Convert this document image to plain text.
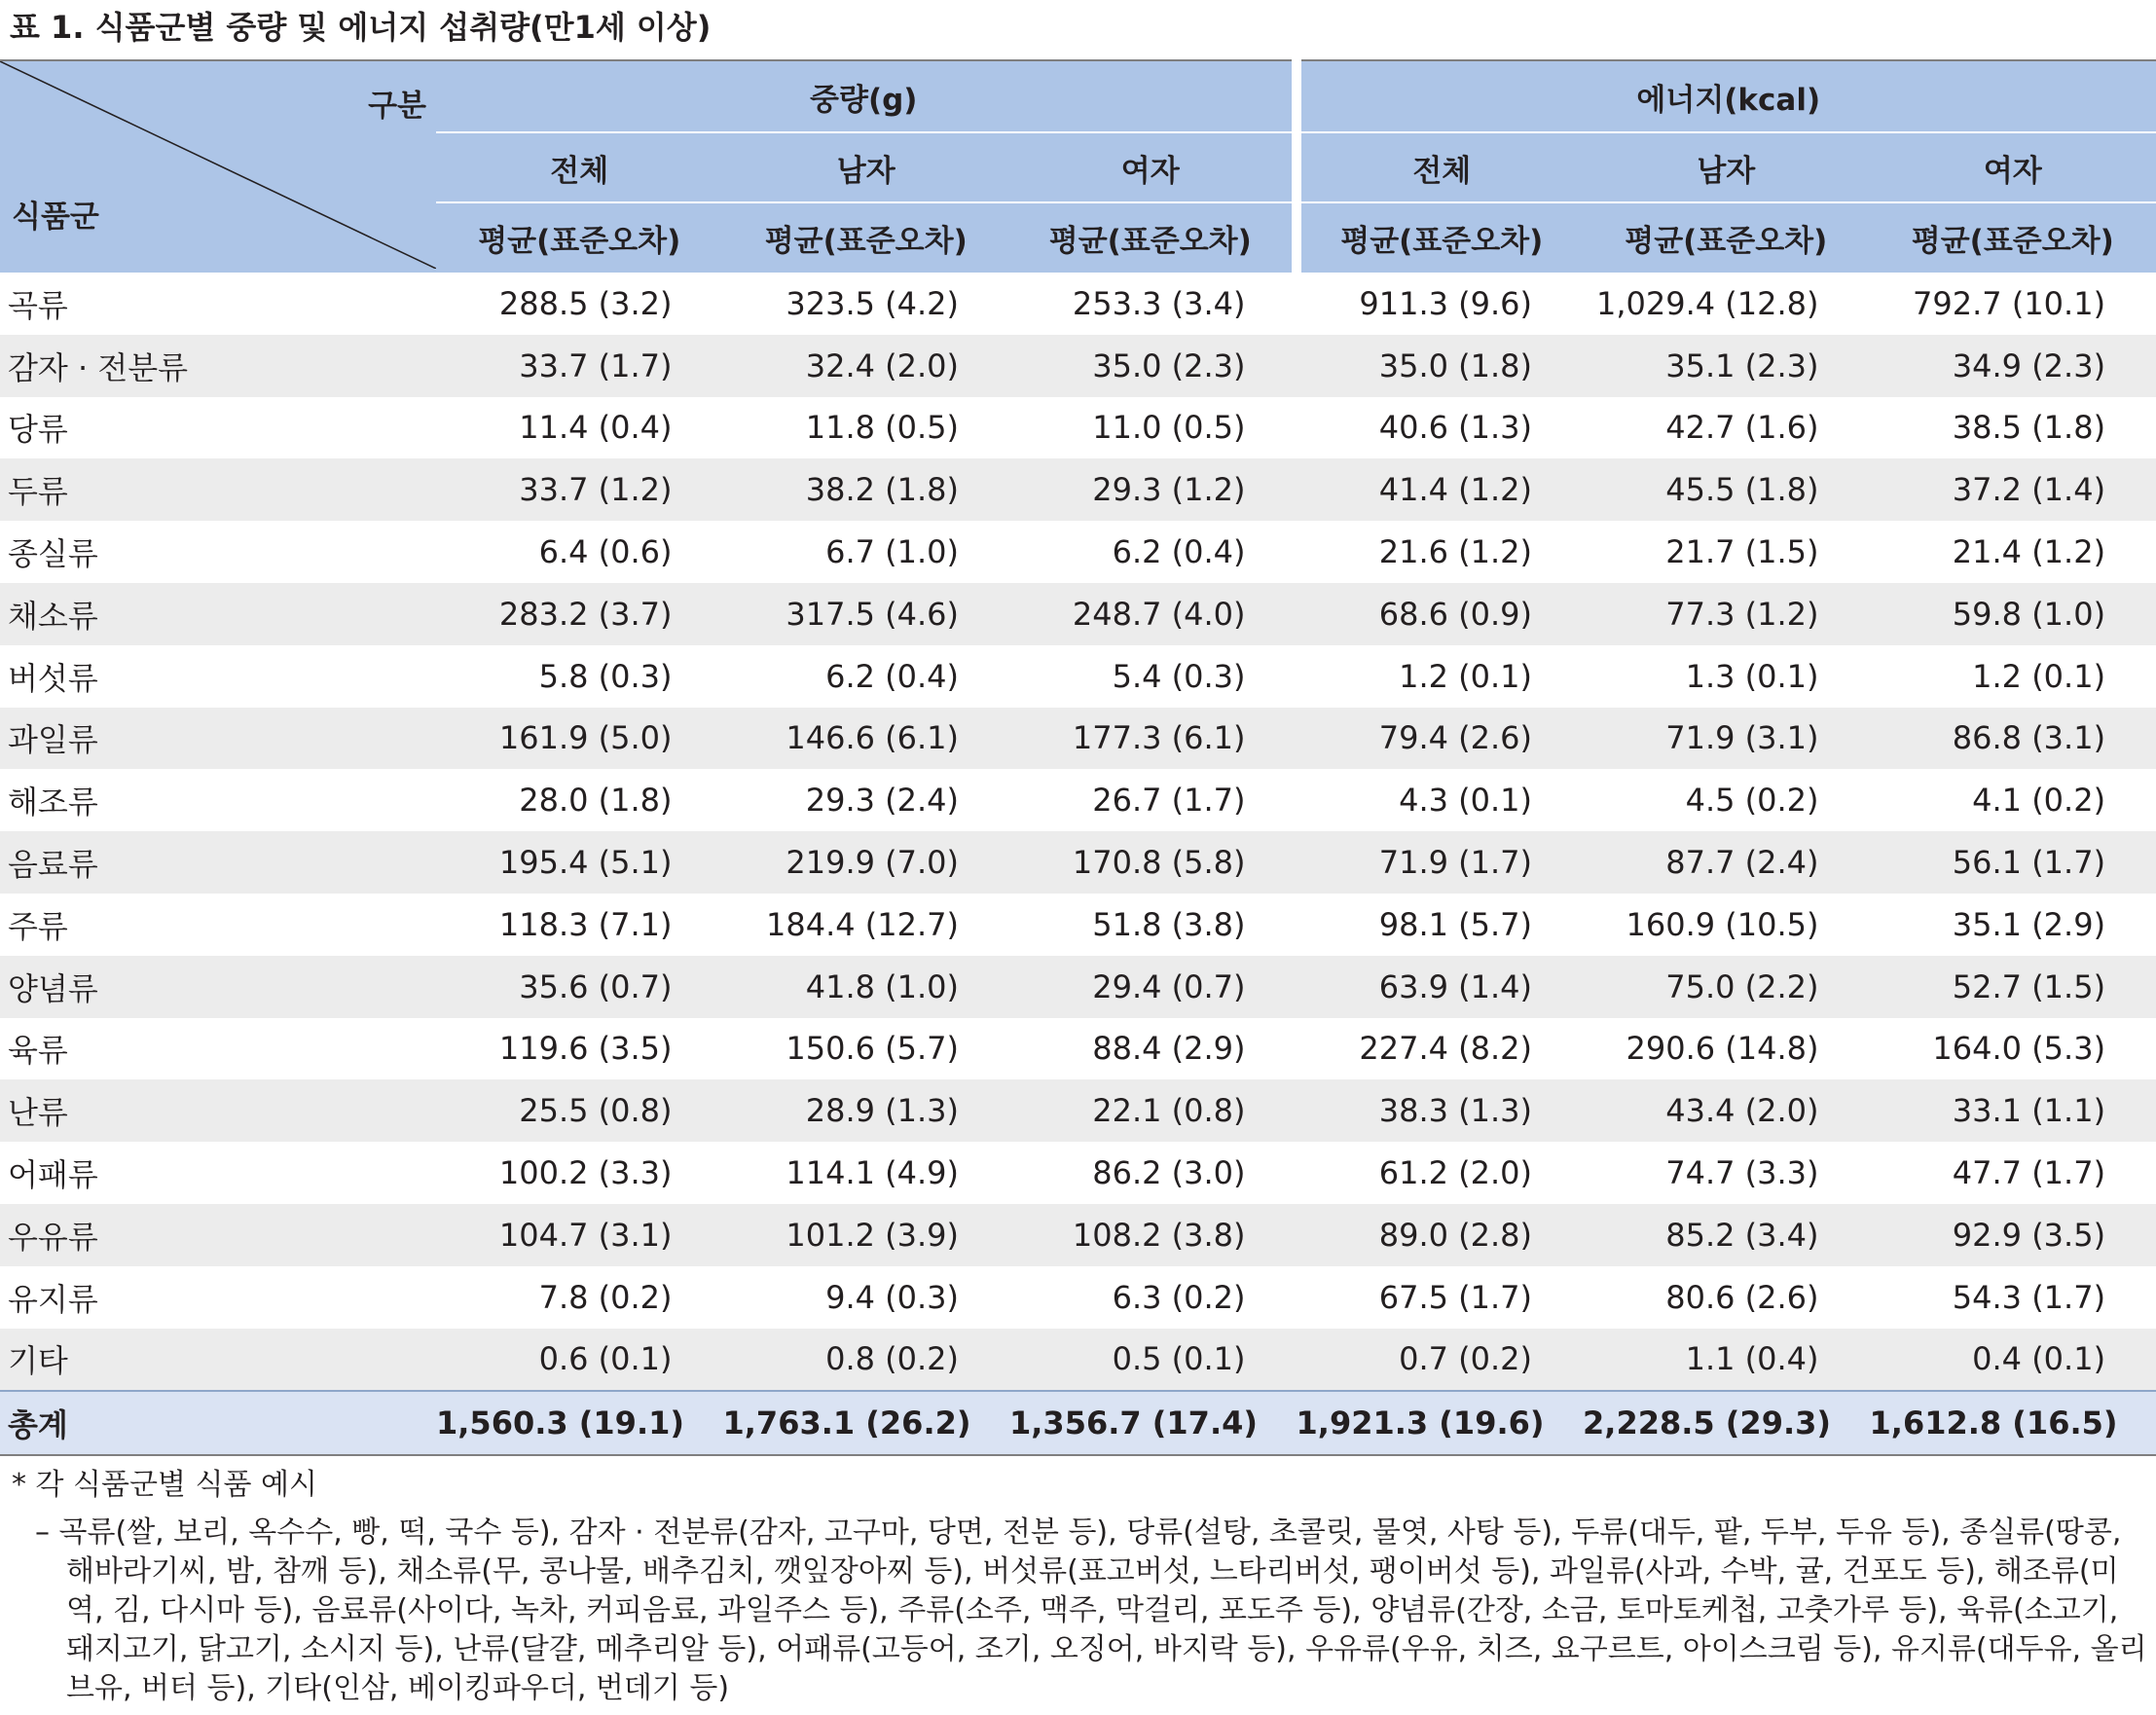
표 1. 식품군별 중량 및 에너지 섭취량(만1세 이상)
구분
식품군	중량(g)			에너지(kcal)		
	전체	남자	여자	전체	남자	여자
	평균(표준오차)	평균(표준오차)	평균(표준오차)	평균(표준오차)	평균(표준오차)	평균(표준오차)
곡류	288.5 (3.2)	323.5 (4.2)	253.3 (3.4)	911.3 (9.6)	1,029.4 (12.8)	792.7 (10.1)
감자 · 전분류	33.7 (1.7)	32.4 (2.0)	35.0 (2.3)	35.0 (1.8)	35.1 (2.3)	34.9 (2.3)
당류	11.4 (0.4)	11.8 (0.5)	11.0 (0.5)	40.6 (1.3)	42.7 (1.6)	38.5 (1.8)
두류	33.7 (1.2)	38.2 (1.8)	29.3 (1.2)	41.4 (1.2)	45.5 (1.8)	37.2 (1.4)
종실류	6.4 (0.6)	6.7 (1.0)	6.2 (0.4)	21.6 (1.2)	21.7 (1.5)	21.4 (1.2)
채소류	283.2 (3.7)	317.5 (4.6)	248.7 (4.0)	68.6 (0.9)	77.3 (1.2)	59.8 (1.0)
버섯류	5.8 (0.3)	6.2 (0.4)	5.4 (0.3)	1.2 (0.1)	1.3 (0.1)	1.2 (0.1)
과일류	161.9 (5.0)	146.6 (6.1)	177.3 (6.1)	79.4 (2.6)	71.9 (3.1)	86.8 (3.1)
해조류	28.0 (1.8)	29.3 (2.4)	26.7 (1.7)	4.3 (0.1)	4.5 (0.2)	4.1 (0.2)
음료류	195.4 (5.1)	219.9 (7.0)	170.8 (5.8)	71.9 (1.7)	87.7 (2.4)	56.1 (1.7)
주류	118.3 (7.1)	184.4 (12.7)	51.8 (3.8)	98.1 (5.7)	160.9 (10.5)	35.1 (2.9)
양념류	35.6 (0.7)	41.8 (1.0)	29.4 (0.7)	63.9 (1.4)	75.0 (2.2)	52.7 (1.5)
육류	119.6 (3.5)	150.6 (5.7)	88.4 (2.9)	227.4 (8.2)	290.6 (14.8)	164.0 (5.3)
난류	25.5 (0.8)	28.9 (1.3)	22.1 (0.8)	38.3 (1.3)	43.4 (2.0)	33.1 (1.1)
어패류	100.2 (3.3)	114.1 (4.9)	86.2 (3.0)	61.2 (2.0)	74.7 (3.3)	47.7 (1.7)
우유류	104.7 (3.1)	101.2 (3.9)	108.2 (3.8)	89.0 (2.8)	85.2 (3.4)	92.9 (3.5)
유지류	7.8 (0.2)	9.4 (0.3)	6.3 (0.2)	67.5 (1.7)	80.6 (2.6)	54.3 (1.7)
기타	0.6 (0.1)	0.8 (0.2)	0.5 (0.1)	0.7 (0.2)	1.1 (0.4)	0.4 (0.1)
총계	1,560.3 (19.1)	1,763.1 (26.2)	1,356.7 (17.4)	1,921.3 (19.6)	2,228.5 (29.3)	1,612.8 (16.5)
* 각 식품군별 식품 예시
– 곡류(쌀, 보리, 옥수수, 빵, 떡, 국수 등), 감자 · 전분류(감자, 고구마, 당면, 전분 등), 당류(설탕, 초콜릿, 물엿, 사탕 등), 두류(대두, 팥, 두부, 두유 등), 종실류(땅콩, 해바라기씨, 밤, 참깨 등), 채소류(무, 콩나물, 배추김치, 깻잎장아찌 등), 버섯류(표고버섯, 느타리버섯, 팽이버섯 등), 과일류(사과, 수박, 귤, 건포도 등), 해조류(미역, 김, 다시마 등), 음료류(사이다, 녹차, 커피음료, 과일주스 등), 주류(소주, 맥주, 막걸리, 포도주 등), 양념류(간장, 소금, 토마토케첩, 고춧가루 등), 육류(소고기, 돼지고기, 닭고기, 소시지 등), 난류(달걀, 메추리알 등), 어패류(고등어, 조기, 오징어, 바지락 등), 우유류(우유, 치즈, 요구르트, 아이스크림 등), 유지류(대두유, 올리브유, 버터 등), 기타(인삼, 베이킹파우더, 번데기 등)
